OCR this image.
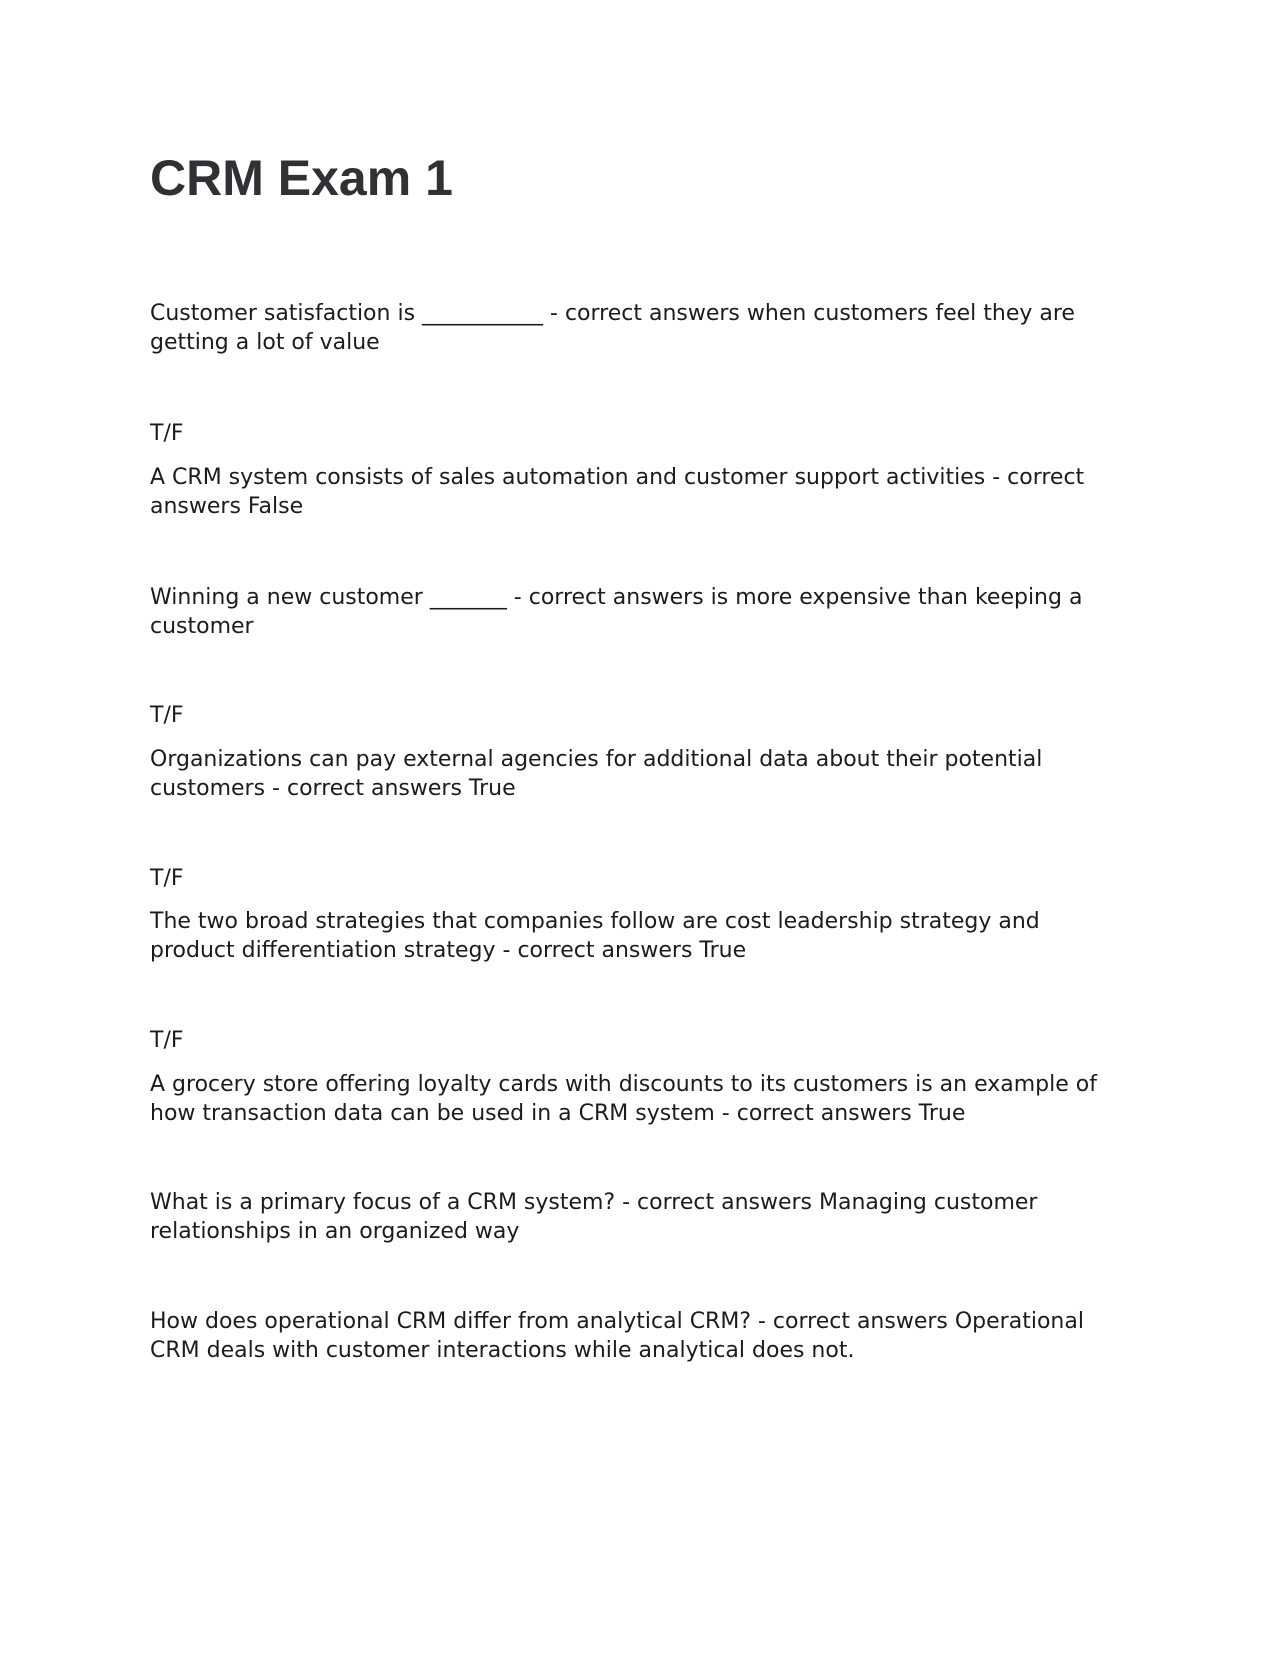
CRM Exam 1

Customer satisfaction is ___________ - correct answers when customers feel they are getting a lot of value

T/F

A CRM system consists of sales automation and customer support activities - correct answers False

Winning a new customer _______ - correct answers is more expensive than keeping a customer

T/F

Organizations can pay external agencies for additional data about their potential customers - correct answers True

T/F

The two broad strategies that companies follow are cost leadership strategy and product differentiation strategy - correct answers True

T/F

A grocery store offering loyalty cards with discounts to its customers is an example of how transaction data can be used in a CRM system - correct answers True

What is a primary focus of a CRM system? - correct answers Managing customer relationships in an organized way

How does operational CRM differ from analytical CRM? - correct answers Operational CRM deals with customer interactions while analytical does not.
